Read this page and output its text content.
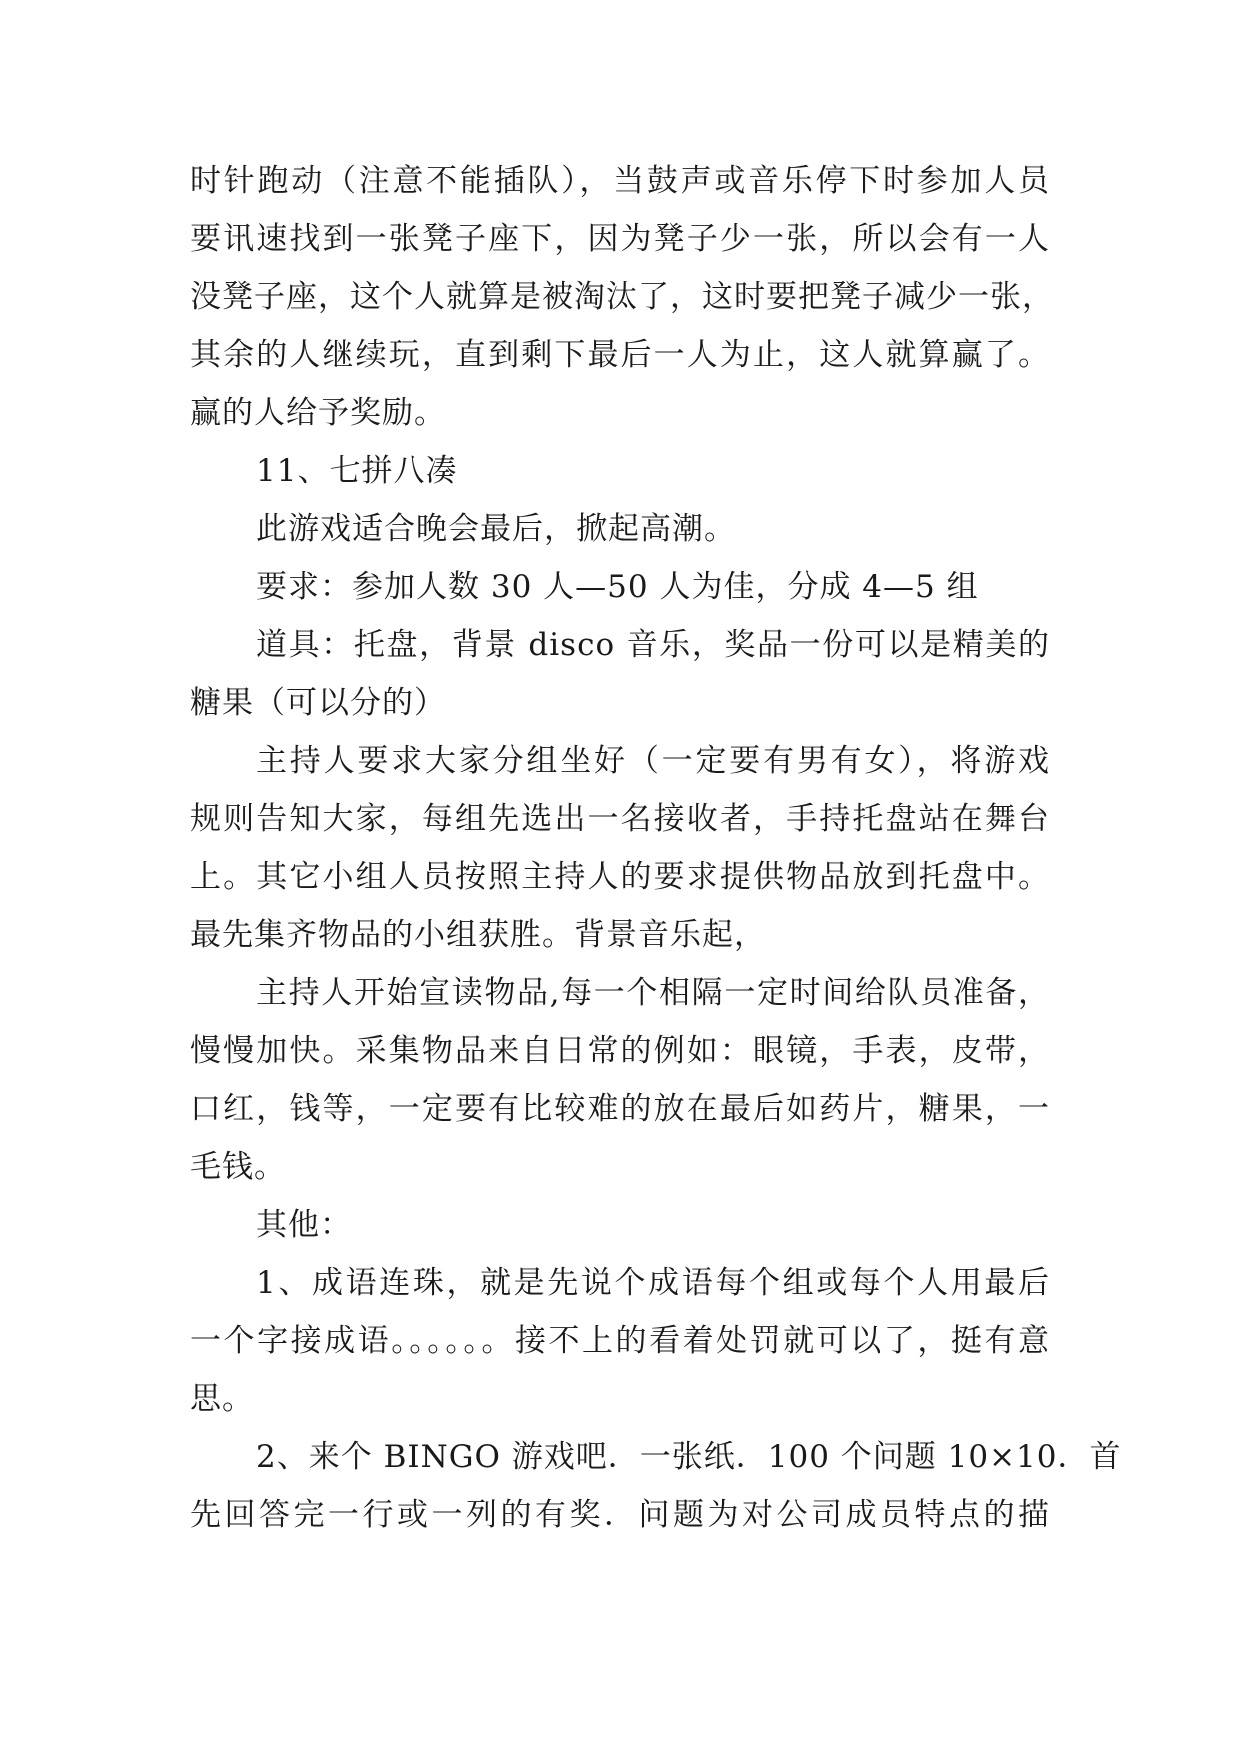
时针跑动（注意不能插队），当鼓声或音乐停下时参加人员
要讯速找到一张凳子座下，因为凳子少一张，所以会有一人
没凳子座，这个人就算是被淘汰了，这时要把凳子减少一张，
其余的人继续玩，直到剩下最后一人为止，这人就算赢了。
赢的人给予奖励。
11、七拼八凑
此游戏适合晚会最后，掀起高潮。
要求：参加人数 30 人—50 人为佳，分成 4—5 组
道具：托盘，背景 disco 音乐，奖品一份可以是精美的
糖果（可以分的）
主持人要求大家分组坐好（一定要有男有女），将游戏
规则告知大家，每组先选出一名接收者，手持托盘站在舞台
上。其它小组人员按照主持人的要求提供物品放到托盘中。
最先集齐物品的小组获胜。背景音乐起，
主持人开始宣读物品,每一个相隔一定时间给队员准备，
慢慢加快。采集物品来自日常的例如：眼镜，手表，皮带，
口红，钱等，一定要有比较难的放在最后如药片，糖果，一
毛钱。
其他：
1、成语连珠，就是先说个成语每个组或每个人用最后
一个字接成语。。。。。。接不上的看着处罚就可以了，挺有意
思。
2、来个 BINGO 游戏吧．一张纸．100 个问题 10×10．首
先回答完一行或一列的有奖．问题为对公司成员特点的描
